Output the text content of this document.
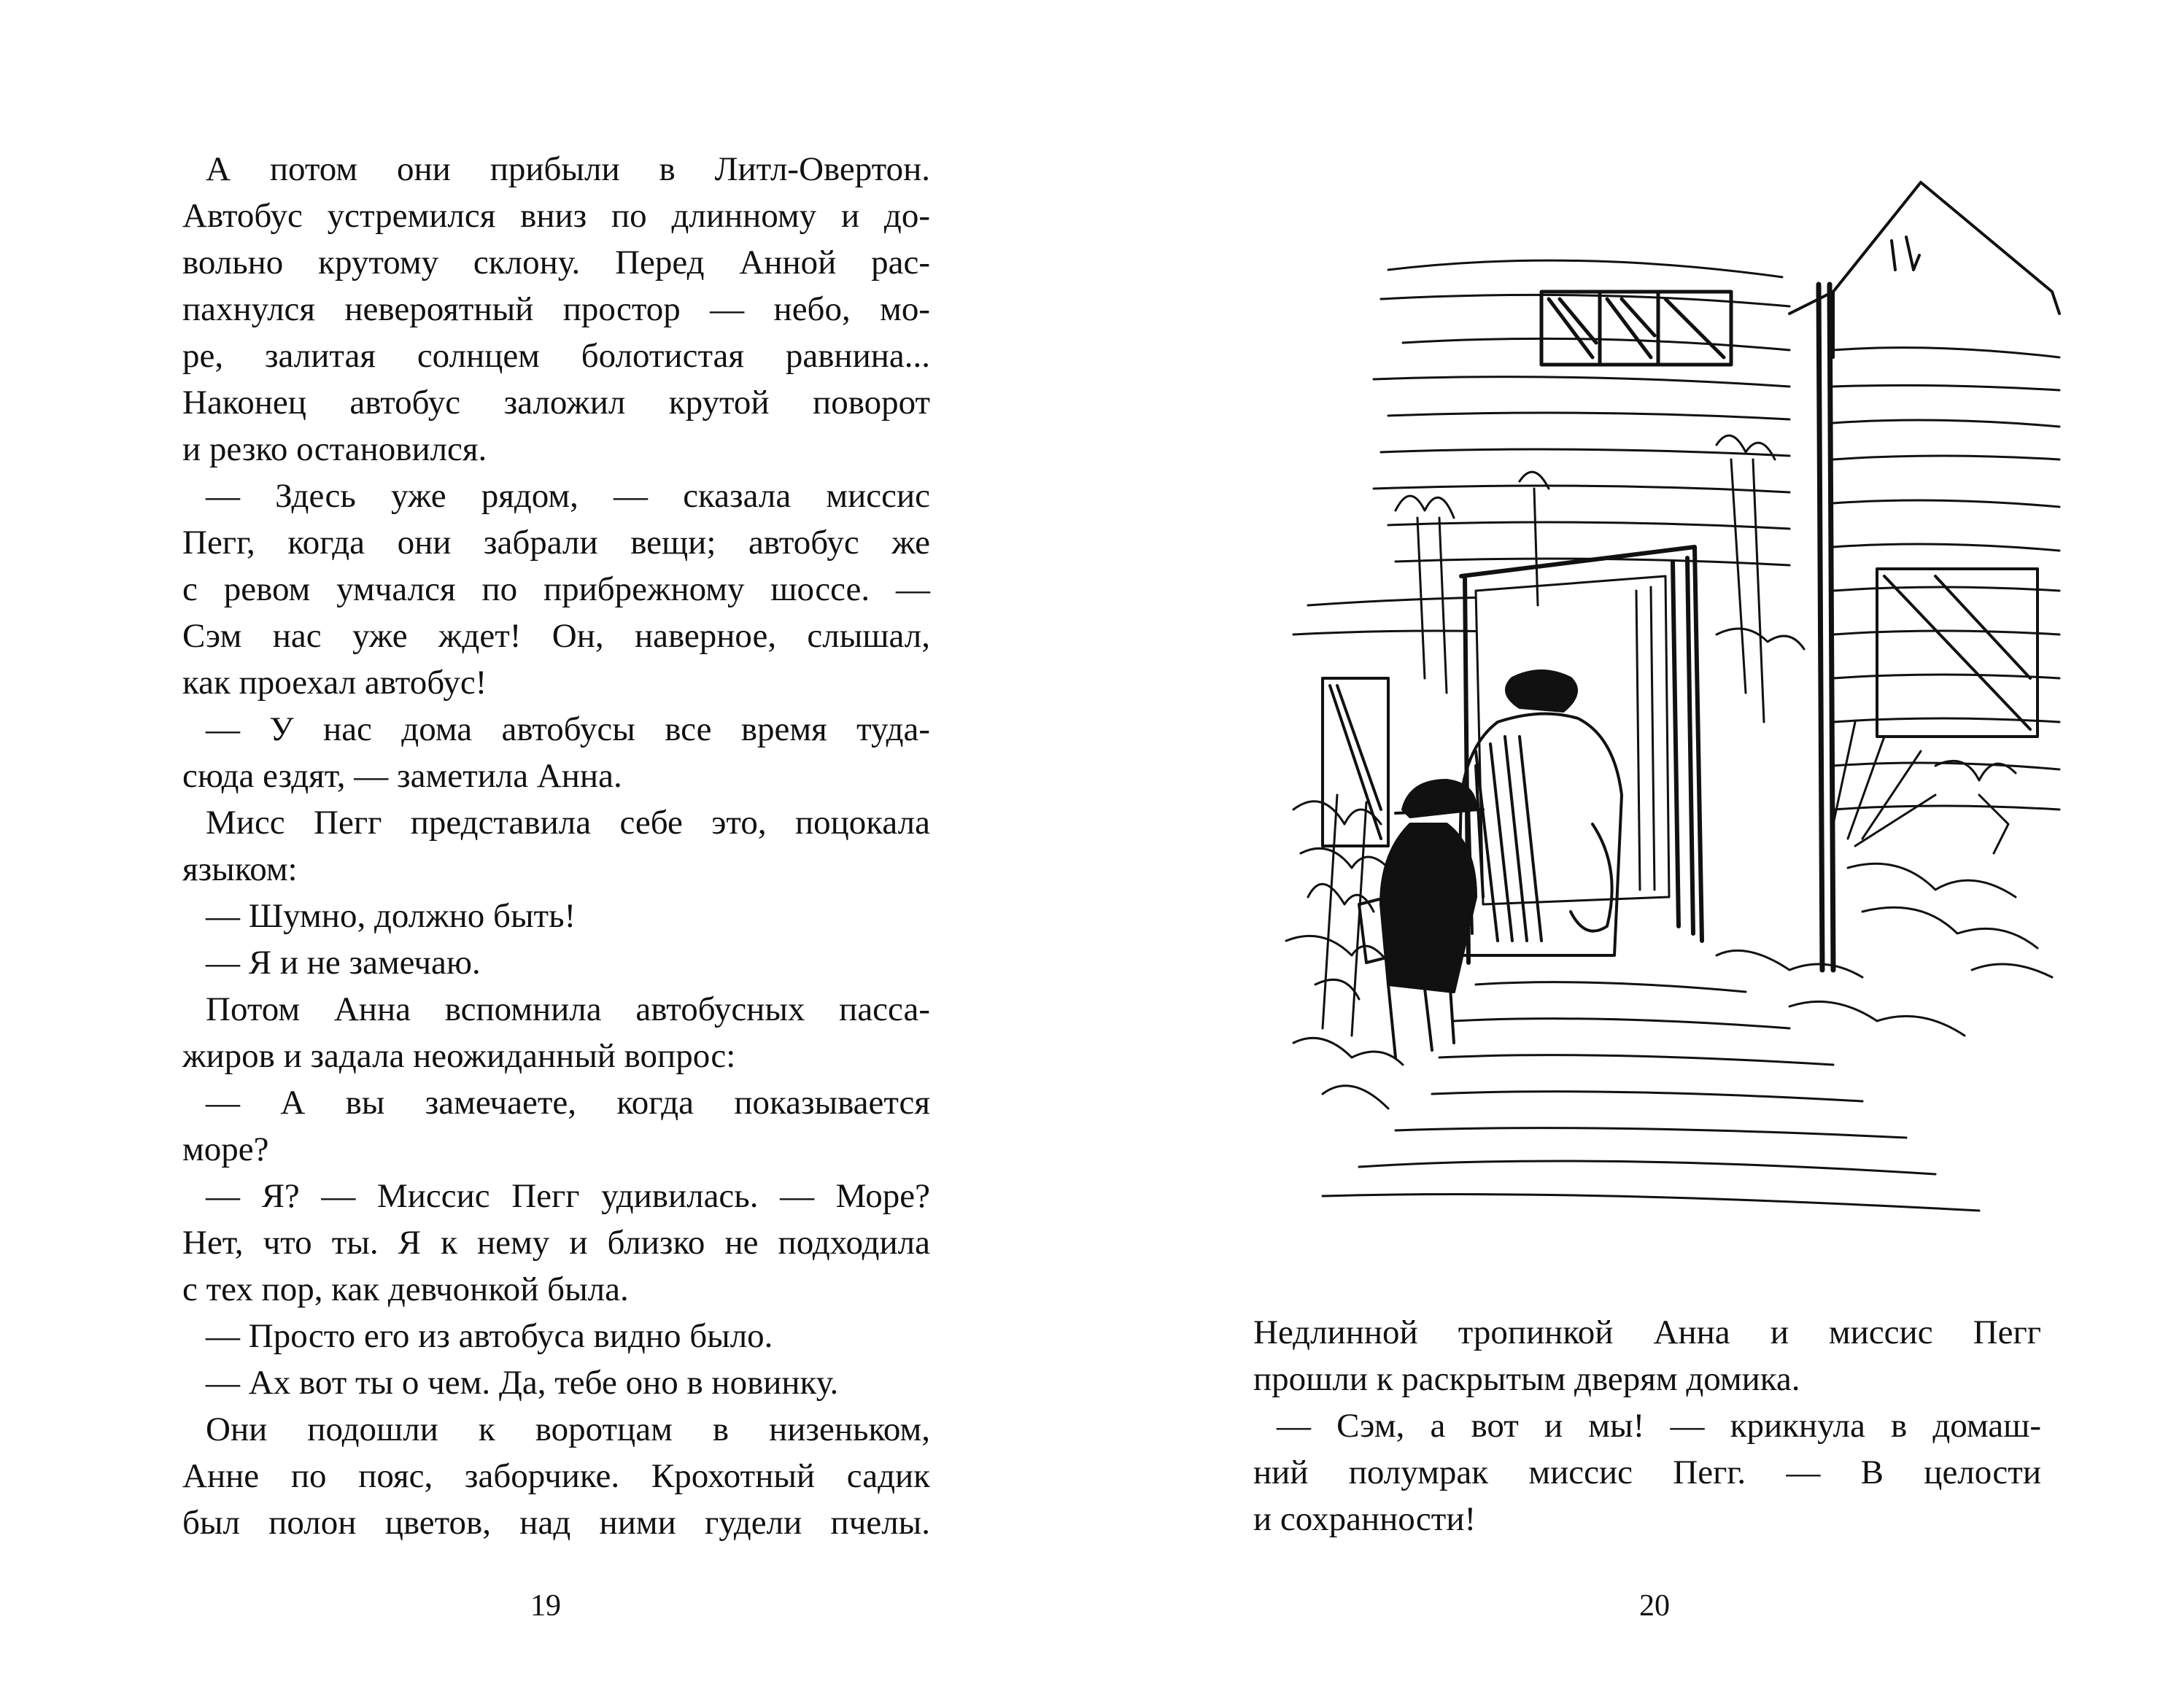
А потом они прибыли в Литл-Овертон.
Автобус устремился вниз по длинному и до-
вольно крутому склону. Перед Анной рас-
пахнулся невероятный простор — небо, мо-
ре, залитая солнцем болотистая равнина...
Наконец автобус заложил крутой поворот
и резко остановился.
— Здесь уже рядом, — сказала миссис
Пегг, когда они забрали вещи; автобус же
с ревом умчался по прибрежному шоссе. —
Сэм нас уже ждет! Он, наверное, слышал,
как проехал автобус!
— У нас дома автобусы все время туда-
сюда ездят, — заметила Анна.
Мисс Пегг представила себе это, поцокала
языком:
— Шумно, должно быть!
— Я и не замечаю.
Потом Анна вспомнила автобусных пасса-
жиров и задала неожиданный вопрос:
— А вы замечаете, когда показывается
море?
— Я? — Миссис Пегг удивилась. — Море?
Нет, что ты. Я к нему и близко не подходила
с тех пор, как девчонкой была.
— Просто его из автобуса видно было.
— Ах вот ты о чем. Да, тебе оно в новинку.
Они подошли к воротцам в низеньком,
Анне по пояс, заборчике. Крохотный садик
был полон цветов, над ними гудели пчелы.
19
Недлинной тропинкой Анна и миссис Пегг
прошли к раскрытым дверям домика.
— Сэм, а вот и мы! — крикнула в домаш-
ний полумрак миссис Пегг. — В целости
и сохранности!
20
